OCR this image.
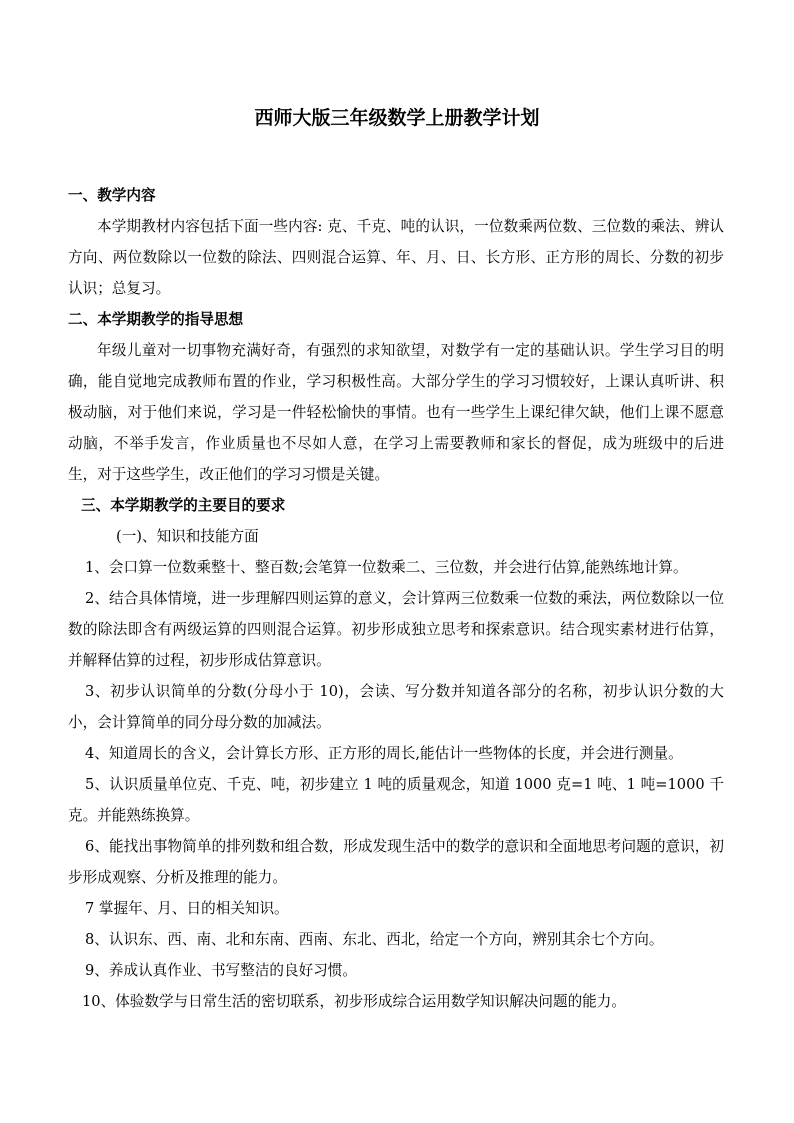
西师大版三年级数学上册教学计划

一、教学内容

本学期教材内容包括下面一些内容: 克、千克、吨的认识，一位数乘两位数、三位数的乘法、辨认方向、两位数除以一位数的除法、四则混合运算、年、月、日、长方形、正方形的周长、分数的初步认识；总复习。

二、本学期教学的指导思想

年级儿童对一切事物充满好奇，有强烈的求知欲望，对数学有一定的基础认识。学生学习目的明确，能自觉地完成教师布置的作业，学习积极性高。大部分学生的学习习惯较好，上课认真听讲、积极动脑，对于他们来说，学习是一件轻松愉快的事情。也有一些学生上课纪律欠缺，他们上课不愿意动脑，不举手发言，作业质量也不尽如人意，在学习上需要教师和家长的督促，成为班级中的后进生，对于这些学生，改正他们的学习习惯是关键。

三、本学期教学的主要目的要求

(一)、知识和技能方面

1、会口算一位数乘整十、整百数;会笔算一位数乘二、三位数，并会进行估算,能熟练地计算。

2、结合具体情境，进一步理解四则运算的意义，会计算两三位数乘一位数的乘法，两位数除以一位数的除法即含有两级运算的四则混合运算。初步形成独立思考和探索意识。结合现实素材进行估算，并解释估算的过程，初步形成估算意识。

3、初步认识简单的分数(分母小于 10)，会读、写分数并知道各部分的名称，初步认识分数的大小，会计算简单的同分母分数的加减法。

4、知道周长的含义，会计算长方形、正方形的周长,能估计一些物体的长度，并会进行测量。

5、认识质量单位克、千克、吨，初步建立 1 吨的质量观念，知道 1000 克=1 吨、1 吨=1000 千克。并能熟练换算。

6、能找出事物简单的排列数和组合数，形成发现生活中的数学的意识和全面地思考问题的意识，初步形成观察、分析及推理的能力。

7 掌握年、月、日的相关知识。

8、认识东、西、南、北和东南、西南、东北、西北，给定一个方向，辨别其余七个方向。

9、养成认真作业、书写整洁的良好习惯。

10、体验数学与日常生活的密切联系，初步形成综合运用数学知识解决问题的能力。
